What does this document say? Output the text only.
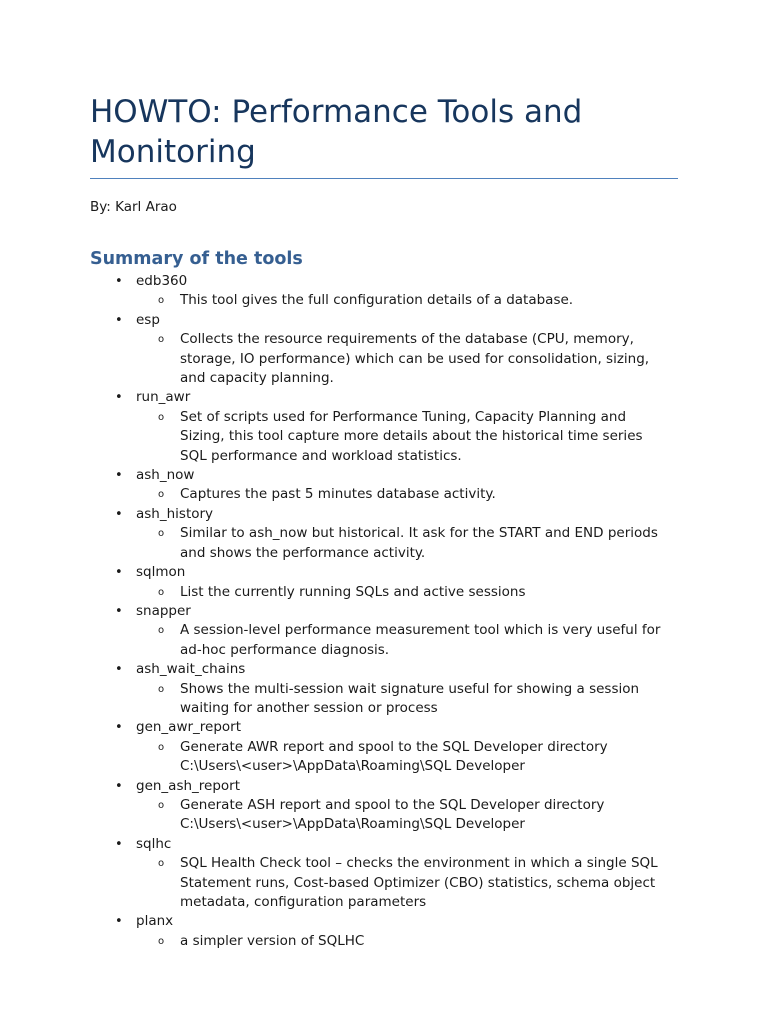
HOWTO: Performance Tools and
Monitoring
By: Karl Arao
Summary of the tools
• edb360
o This tool gives the full configuration details of a database.
• esp
o Collects the resource requirements of the database (CPU, memory,
storage, IO performance) which can be used for consolidation, sizing,
and capacity planning.
• run_awr
o Set of scripts used for Performance Tuning, Capacity Planning and
Sizing, this tool capture more details about the historical time series
SQL performance and workload statistics.
• ash_now
o Captures the past 5 minutes database activity.
• ash_history
o Similar to ash_now but historical. It ask for the START and END periods
and shows the performance activity.
• sqlmon
o List the currently running SQLs and active sessions
• snapper
o A session-level performance measurement tool which is very useful for
ad-hoc performance diagnosis.
• ash_wait_chains
o Shows the multi-session wait signature useful for showing a session
waiting for another session or process
• gen_awr_report
o Generate AWR report and spool to the SQL Developer directory
C:\Users\<user>\AppData\Roaming\SQL Developer
• gen_ash_report
o Generate ASH report and spool to the SQL Developer directory
C:\Users\<user>\AppData\Roaming\SQL Developer
• sqlhc
o SQL Health Check tool – checks the environment in which a single SQL
Statement runs, Cost-based Optimizer (CBO) statistics, schema object
metadata, configuration parameters
• planx
o a simpler version of SQLHC
